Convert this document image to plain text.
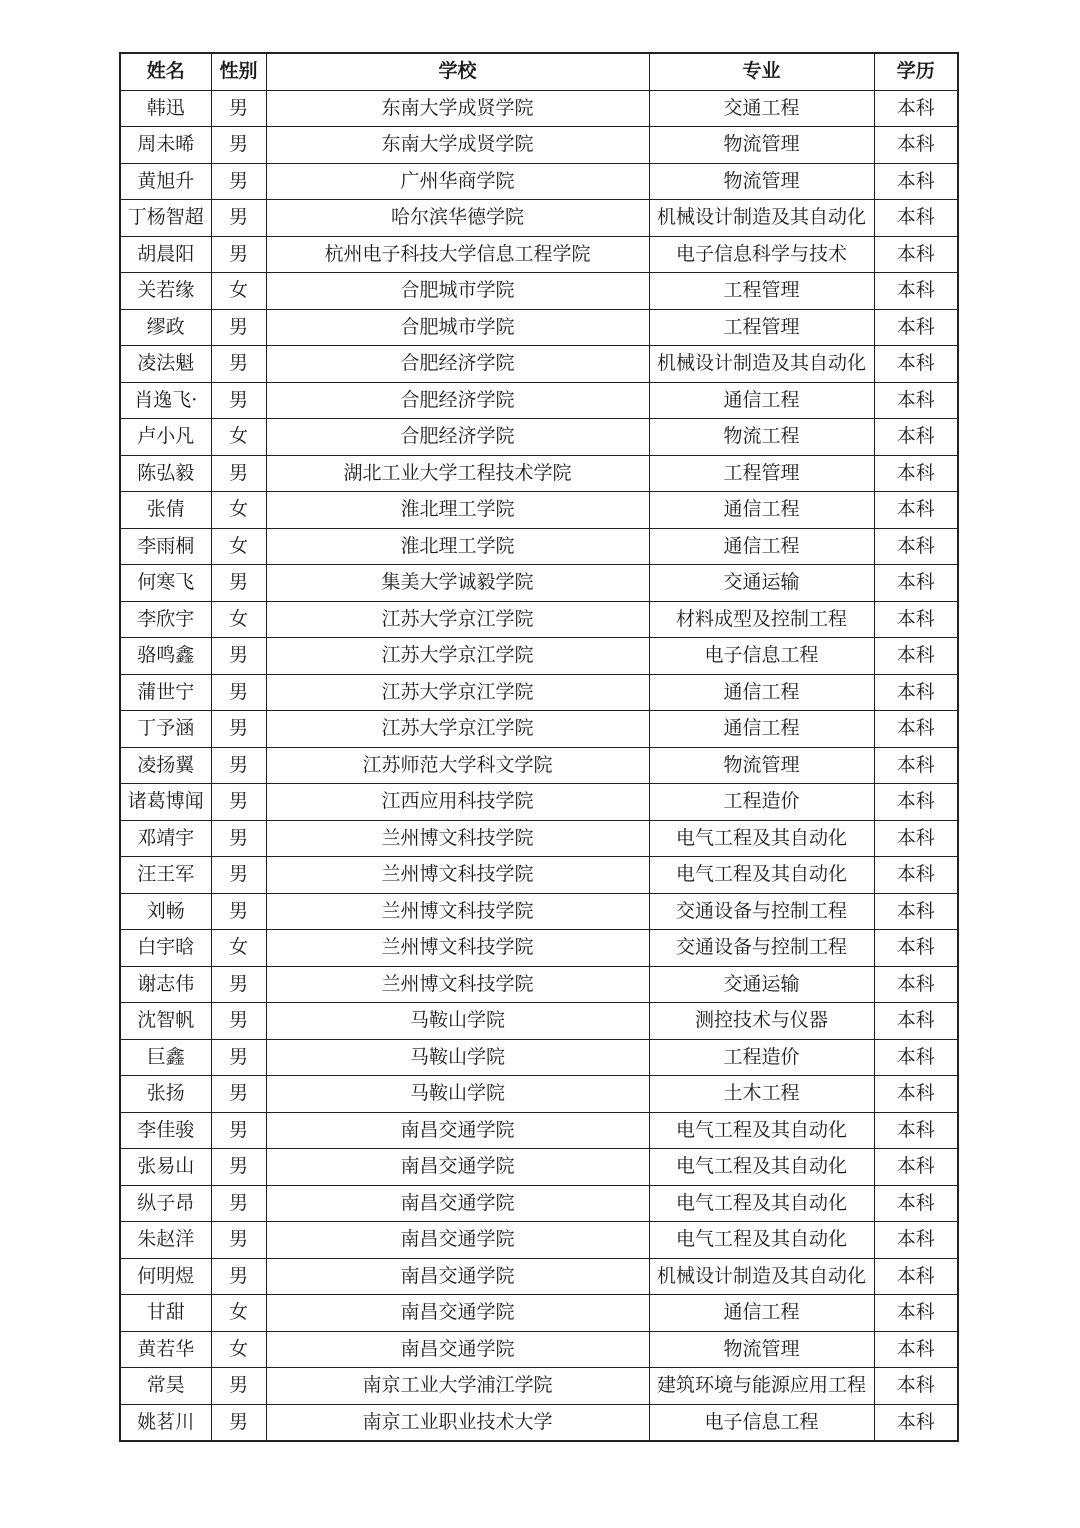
姓名	性别	学校	专业	学历
韩迅	男	东南大学成贤学院	交通工程	本科
周未晞	男	东南大学成贤学院	物流管理	本科
黄旭升	男	广州华商学院	物流管理	本科
丁杨智超	男	哈尔滨华德学院	机械设计制造及其自动化	本科
胡晨阳	男	杭州电子科技大学信息工程学院	电子信息科学与技术	本科
关若缘	女	合肥城市学院	工程管理	本科
缪政	男	合肥城市学院	工程管理	本科
凌法魁	男	合肥经济学院	机械设计制造及其自动化	本科
肖逸飞·	男	合肥经济学院	通信工程	本科
卢小凡	女	合肥经济学院	物流工程	本科
陈弘毅	男	湖北工业大学工程技术学院	工程管理	本科
张倩	女	淮北理工学院	通信工程	本科
李雨桐	女	淮北理工学院	通信工程	本科
何寒飞	男	集美大学诚毅学院	交通运输	本科
李欣宇	女	江苏大学京江学院	材料成型及控制工程	本科
骆鸣鑫	男	江苏大学京江学院	电子信息工程	本科
蒲世宁	男	江苏大学京江学院	通信工程	本科
丁予涵	男	江苏大学京江学院	通信工程	本科
凌扬翼	男	江苏师范大学科文学院	物流管理	本科
诸葛博闻	男	江西应用科技学院	工程造价	本科
邓靖宇	男	兰州博文科技学院	电气工程及其自动化	本科
汪王军	男	兰州博文科技学院	电气工程及其自动化	本科
刘畅	男	兰州博文科技学院	交通设备与控制工程	本科
白宇晗	女	兰州博文科技学院	交通设备与控制工程	本科
谢志伟	男	兰州博文科技学院	交通运输	本科
沈智帆	男	马鞍山学院	测控技术与仪器	本科
巨鑫	男	马鞍山学院	工程造价	本科
张扬	男	马鞍山学院	土木工程	本科
李佳骏	男	南昌交通学院	电气工程及其自动化	本科
张易山	男	南昌交通学院	电气工程及其自动化	本科
纵子昂	男	南昌交通学院	电气工程及其自动化	本科
朱赵洋	男	南昌交通学院	电气工程及其自动化	本科
何明煜	男	南昌交通学院	机械设计制造及其自动化	本科
甘甜	女	南昌交通学院	通信工程	本科
黄若华	女	南昌交通学院	物流管理	本科
常昊	男	南京工业大学浦江学院	建筑环境与能源应用工程	本科
姚茗川	男	南京工业职业技术大学	电子信息工程	本科
